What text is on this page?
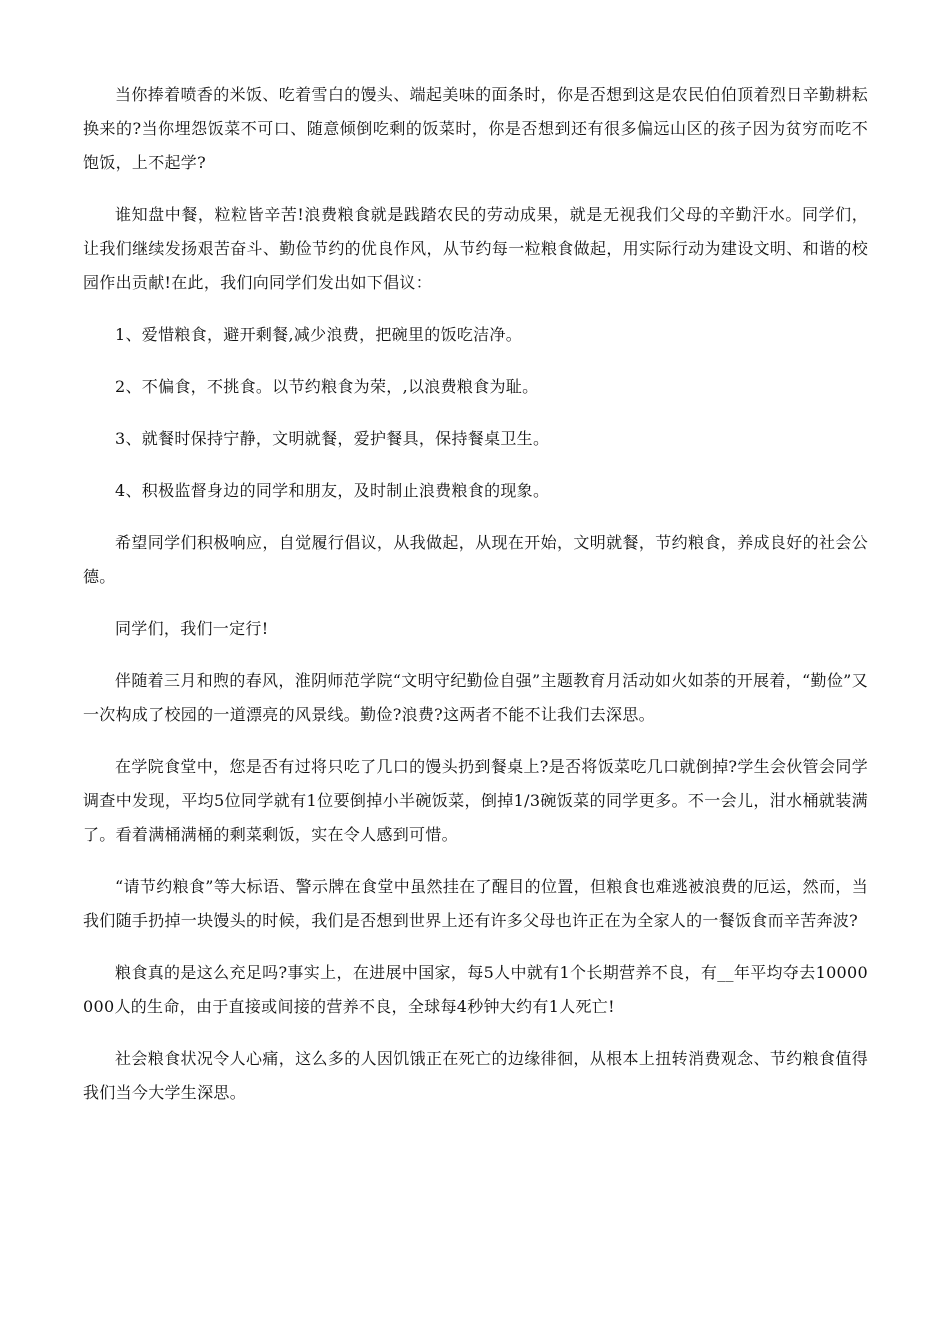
当你捧着喷香的米饭、吃着雪白的馒头、端起美味的面条时，你是否想到这是农民伯伯顶着烈日辛勤耕耘换来的?当你埋怨饭菜不可口、随意倾倒吃剩的饭菜时，你是否想到还有很多偏远山区的孩子因为贫穷而吃不饱饭，上不起学?

谁知盘中餐，粒粒皆辛苦!浪费粮食就是践踏农民的劳动成果，就是无视我们父母的辛勤汗水。同学们，让我们继续发扬艰苦奋斗、勤俭节约的优良作风，从节约每一粒粮食做起，用实际行动为建设文明、和谐的校园作出贡献!在此，我们向同学们发出如下倡议：

1、爱惜粮食，避开剩餐,减少浪费，把碗里的饭吃洁净。

2、不偏食，不挑食。以节约粮食为荣，,以浪费粮食为耻。

3、就餐时保持宁静，文明就餐，爱护餐具，保持餐桌卫生。

4、积极监督身边的同学和朋友，及时制止浪费粮食的现象。

希望同学们积极响应，自觉履行倡议，从我做起，从现在开始，文明就餐，节约粮食，养成良好的社会公德。

同学们，我们一定行!

伴随着三月和煦的春风，淮阴师范学院“文明守纪勤俭自强”主题教育月活动如火如荼的开展着，“勤俭”又一次构成了校园的一道漂亮的风景线。勤俭?浪费?这两者不能不让我们去深思。

在学院食堂中，您是否有过将只吃了几口的馒头扔到餐桌上?是否将饭菜吃几口就倒掉?学生会伙管会同学调查中发现，平均5位同学就有1位要倒掉小半碗饭菜，倒掉1/3碗饭菜的同学更多。不一会儿，泔水桶就装满了。看着满桶满桶的剩菜剩饭，实在令人感到可惜。

“请节约粮食”等大标语、警示牌在食堂中虽然挂在了醒目的位置，但粮食也难逃被浪费的厄运，然而，当我们随手扔掉一块馒头的时候，我们是否想到世界上还有许多父母也许正在为全家人的一餐饭食而辛苦奔波?

粮食真的是这么充足吗?事实上，在进展中国家，每5人中就有1个长期营养不良，有__年平均夺去10000000人的生命，由于直接或间接的营养不良，全球每4秒钟大约有1人死亡!

社会粮食状况令人心痛，这么多的人因饥饿正在死亡的边缘徘徊，从根本上扭转消费观念、节约粮食值得我们当今大学生深思。
